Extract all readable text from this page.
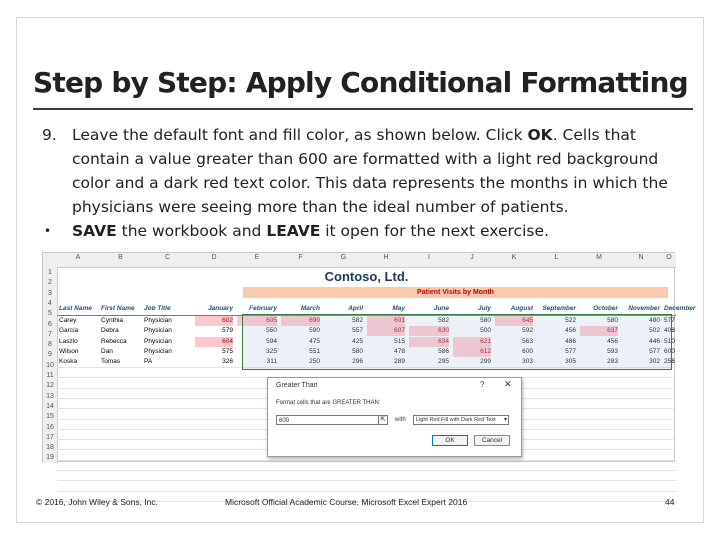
Step by Step: Apply Conditional Formatting

9. Leave the default font and fill color, as shown below. Click OK. Cells that contain a value greater than 600 are formatted with a light red background color and a dark red text color. This data represents the months in which the physicians were seeing more than the ideal number of patients.

• SAVE the workbook and LEAVE it open for the next exercise.

A	B	C	D	E	F	G	H	I	J	K	L	M	N	O
1
2
3
4
5
6
7
8
9
10
11
12
13
14
15
16
17
18
19
Contoso, Ltd.
Patient Visits by Month
Last Name	First Name	Job Title	January	February	March	April	May	June	July	August	September	October	November December
Carey	Cynthia	Physician	602	605	690	582	601	582	580	645	522	580	480 577
Garcia	Debra	Physician	579	550	590	557	607	630	500	592	456	637	502 408
Laszlo	Rebecca	Physician	604	594	475	425	515	634	621	563	486	456	446 510
Wilson	Dan	Physician	575	325	551	580	478	586	612	600	577	593	577 600
Koska	Tomas	PA	326	311	250	296	289	295	299	303	305	283	302 256
Greater Than	? ✕
Format cells that are GREATER THAN:
600	⇱	with	Light Red Fill with Dark Red Text ▾
OK	Cancel
© 2016, John Wiley & Sons, Inc.	Microsoft Official Academic Course, Microsoft Excel Expert 2016	44
